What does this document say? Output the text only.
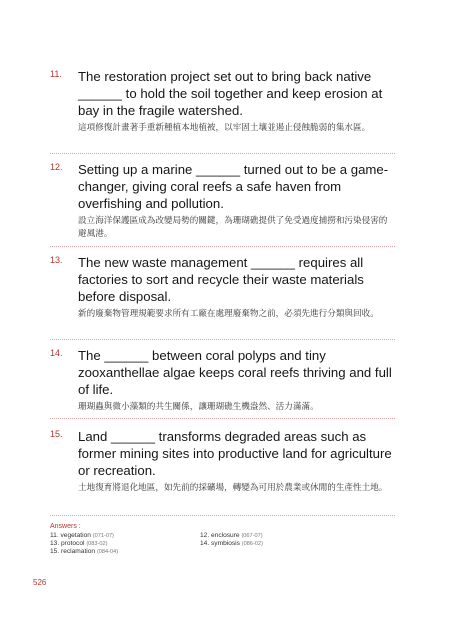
11. The restoration project set out to bring back native ______ to hold the soil together and keep erosion at bay in the fragile watershed.
這項修復計畫著手重新種植本地植被，以牢固土壤並遏止侵蝕脆弱的集水區。
12. Setting up a marine ______ turned out to be a game-changer, giving coral reefs a safe haven from overfishing and pollution.
設立海洋保護區成為改變局勢的關鍵，為珊瑚礁提供了免受過度捕撈和污染侵害的避風港。
13. The new waste management ______ requires all factories to sort and recycle their waste materials before disposal.
新的廢棄物管理規範要求所有工廠在處理廢棄物之前，必須先進行分類與回收。
14. The ______ between coral polyps and tiny zooxanthellae algae keeps coral reefs thriving and full of life.
珊瑚蟲與微小藻類的共生關係，讓珊瑚礁生機盎然、活力滿滿。
15. Land ______ transforms degraded areas such as former mining sites into productive land for agriculture or recreation.
土地復育將退化地區，如先前的採礦場，轉變為可用於農業或休閒的生產性土地。
Answers :
11. vegetation (071-07)	12. enclosure (067-07)
13. protocol (083-02)	14. symbiosis (086-02)
15. reclamation (084-04)
526
